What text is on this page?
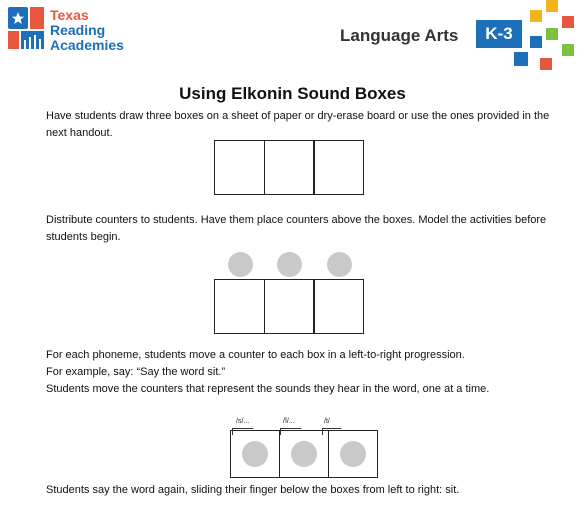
Texas
Reading
Academies	Language Arts	K-3
Using Elkonin Sound Boxes
Have students draw three boxes on a sheet of paper or dry-erase board or use the ones provided in the next handout.
Distribute counters to students. Have them place counters above the boxes. Model the activities before students begin.
For each phoneme, students move a counter to each box in a left-to-right progression.
For example, say: “Say the word sit.”
Students move the counters that represent the sounds they hear in the word, one at a time.
/s/...	/ĭ/...	/t/
Students say the word again, sliding their finger below the boxes from left to right: sit.
